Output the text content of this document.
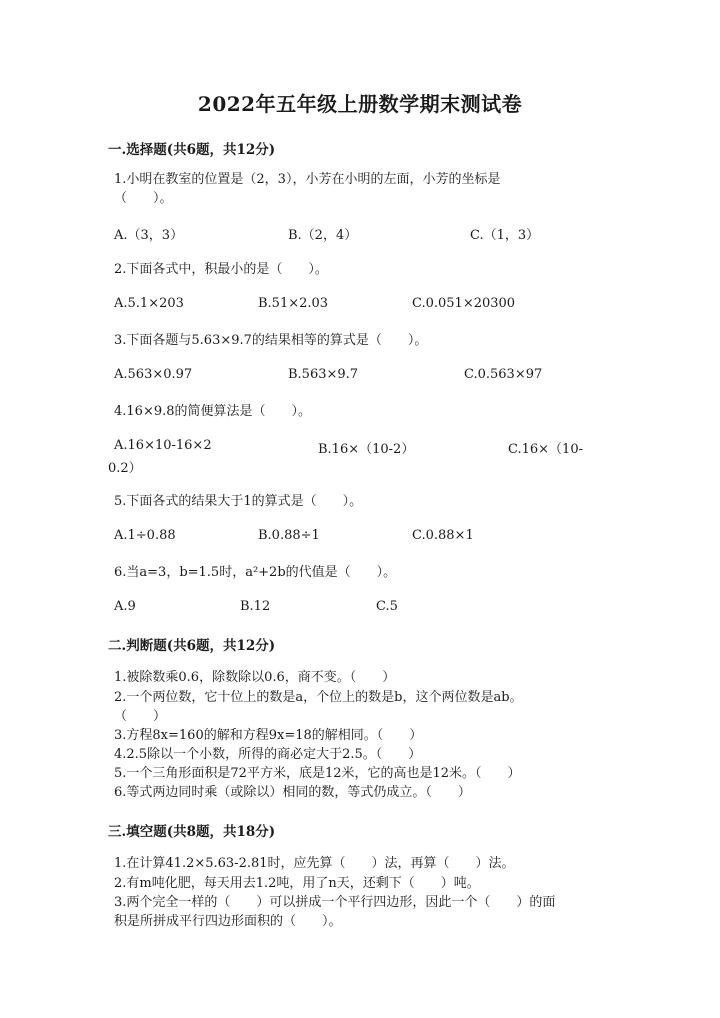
2022年五年级上册数学期末测试卷
一.选择题(共6题，共12分)
1.小明在教室的位置是（2，3），小芳在小明的左面，小芳的坐标是
（　　）。
A.（3，3）	B.（2，4）	C.（1，3）
2.下面各式中，积最小的是（　　）。
A.5.1×203	B.51×2.03	C.0.051×20300
3.下面各题与5.63×9.7的结果相等的算式是（　　）。
A.563×0.97	B.563×9.7	C.0.563×97
4.16×9.8的简便算法是（　　）。
A.16×10-16×2	B.16×（10-2）	C.16×（10-
0.2）
5.下面各式的结果大于1的算式是（　　）。
A.1÷0.88	B.0.88÷1	C.0.88×1
6.当a=3，b=1.5时，a²+2b的代值是（　　）。
A.9	B.12	C.5
二.判断题(共6题，共12分)
1.被除数乘0.6，除数除以0.6，商不变。（　　）
2.一个两位数，它十位上的数是a，个位上的数是b，这个两位数是ab。
（　　）
3.方程8x=160的解和方程9x=18的解相同。（　　）
4.2.5除以一个小数，所得的商必定大于2.5。（　　）
5.一个三角形面积是72平方米，底是12米，它的高也是12米。（　　）
6.等式两边同时乘（或除以）相同的数，等式仍成立。（　　）
三.填空题(共8题，共18分)
1.在计算41.2×5.63-2.81时，应先算（　　）法，再算（　　）法。
2.有m吨化肥，每天用去1.2吨，用了n天，还剩下（　　）吨。
3.两个完全一样的（　　）可以拼成一个平行四边形，因此一个（　　）的面
积是所拼成平行四边形面积的（　　）。
